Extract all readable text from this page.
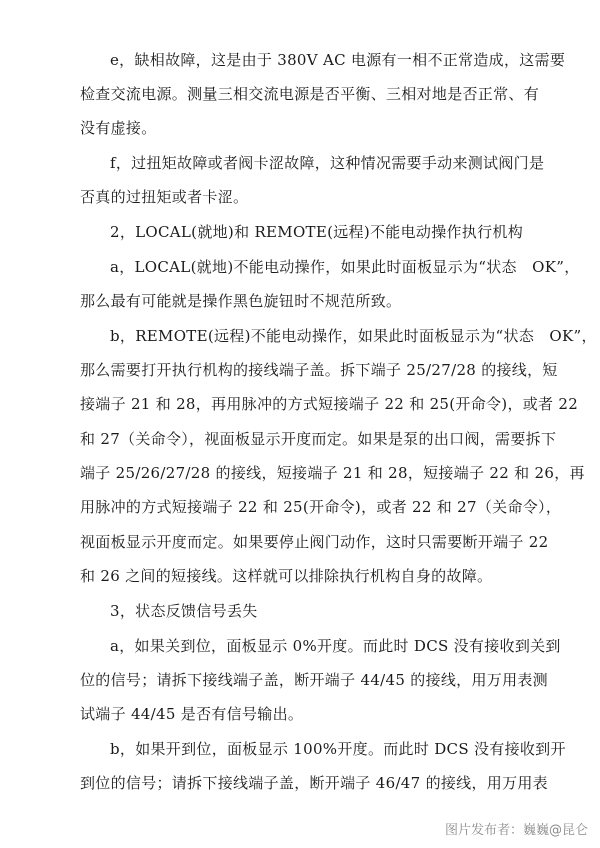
e，缺相故障，这是由于 380V AC 电源有一相不正常造成，这需要
检查交流电源。测量三相交流电源是否平衡、三相对地是否正常、有
没有虚接。
f，过扭矩故障或者阀卡涩故障，这种情况需要手动来测试阀门是
否真的过扭矩或者卡涩。
2，LOCAL(就地)和 REMOTE(远程)不能电动操作执行机构
a，LOCAL(就地)不能电动操作，如果此时面板显示为“状态　OK”，
那么最有可能就是操作黑色旋钮时不规范所致。
b，REMOTE(远程)不能电动操作，如果此时面板显示为“状态　OK”，
那么需要打开执行机构的接线端子盖。拆下端子 25/27/28 的接线，短
接端子 21 和 28，再用脉冲的方式短接端子 22 和 25(开命令)，或者 22
和 27（关命令），视面板显示开度而定。如果是泵的出口阀，需要拆下
端子 25/26/27/28 的接线，短接端子 21 和 28，短接端子 22 和 26，再
用脉冲的方式短接端子 22 和 25(开命令)，或者 22 和 27（关命令），
视面板显示开度而定。如果要停止阀门动作，这时只需要断开端子 22
和 26 之间的短接线。这样就可以排除执行机构自身的故障。
3，状态反馈信号丢失
a，如果关到位，面板显示 0%开度。而此时 DCS 没有接收到关到
位的信号；请拆下接线端子盖，断开端子 44/45 的接线，用万用表测
试端子 44/45 是否有信号输出。
b，如果开到位，面板显示 100%开度。而此时 DCS 没有接收到开
到位的信号；请拆下接线端子盖，断开端子 46/47 的接线，用万用表
图片发布者：巍巍@昆仑
